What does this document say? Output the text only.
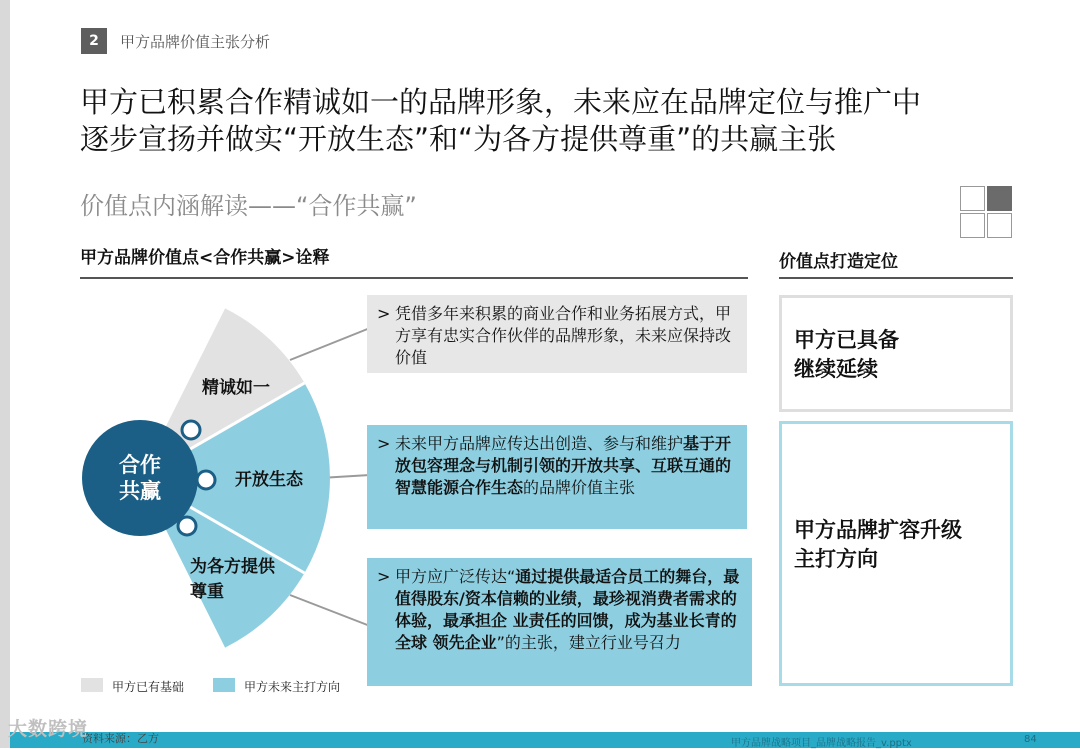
2	甲方品牌价值主张分析
甲方已积累合作精诚如一的品牌形象，未来应在品牌定位与推广中
逐步宣扬并做实“开放生态”和“为各方提供尊重”的共赢主张
价值点内涵解读——“合作共赢”
甲方品牌价值点<合作共赢>诠释	价值点打造定位
合作
共赢
精诚如一
开放生态
为各方提供
尊重
> 凭借多年来积累的商业合作和业务拓展方式，甲方享有忠实合作伙伴的品牌形象，未来应保持改价值
> 未来甲方品牌应传达出创造、参与和维护基于开放包容理念与机制引领的开放共享、互联互通的智慧能源合作生态的品牌价值主张
> 甲方应广泛传达“通过提供最适合员工的舞台，最值得股东/资本信赖的业绩，最珍视消费者需求的体验，最承担企 业责任的回馈，成为基业长青的全球 领先企业”的主张，建立行业号召力
甲方已具备
继续延续
甲方品牌扩容升级
主打方向
甲方已有基础	甲方未来主打方向
资料来源：乙方
大数跨境
甲方品牌战略项目_品牌战略报告_v.pptx	84
